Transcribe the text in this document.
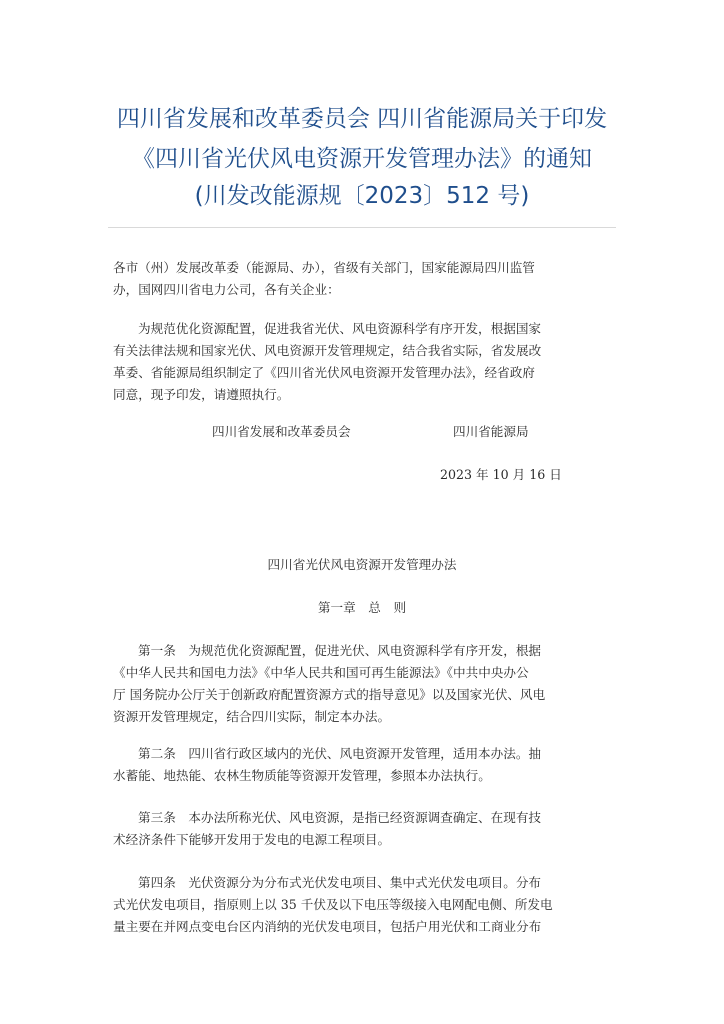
四川省发展和改革委员会 四川省能源局关于印发
《四川省光伏风电资源开发管理办法》的通知
(川发改能源规〔2023〕512 号)
各市（州）发展改革委（能源局、办），省级有关部门，国家能源局四川监管
办，国网四川省电力公司，各有关企业：
为规范优化资源配置，促进我省光伏、风电资源科学有序开发，根据国家
有关法律法规和国家光伏、风电资源开发管理规定，结合我省实际，省发展改
革委、省能源局组织制定了《四川省光伏风电资源开发管理办法》，经省政府
同意，现予印发，请遵照执行。
四川省发展和改革委员会	四川省能源局
2023 年 10 月 16 日
四川省光伏风电资源开发管理办法
第一章　总　则
第一条　为规范优化资源配置，促进光伏、风电资源科学有序开发，根据
《中华人民共和国电力法》《中华人民共和国可再生能源法》《中共中央办公
厅 国务院办公厅关于创新政府配置资源方式的指导意见》以及国家光伏、风电
资源开发管理规定，结合四川实际，制定本办法。
第二条　四川省行政区域内的光伏、风电资源开发管理，适用本办法。抽
水蓄能、地热能、农林生物质能等资源开发管理，参照本办法执行。
第三条　本办法所称光伏、风电资源，是指已经资源调查确定、在现有技
术经济条件下能够开发用于发电的电源工程项目。
第四条　光伏资源分为分布式光伏发电项目、集中式光伏发电项目。分布
式光伏发电项目，指原则上以 35 千伏及以下电压等级接入电网配电侧、所发电
量主要在并网点变电台区内消纳的光伏发电项目，包括户用光伏和工商业分布
